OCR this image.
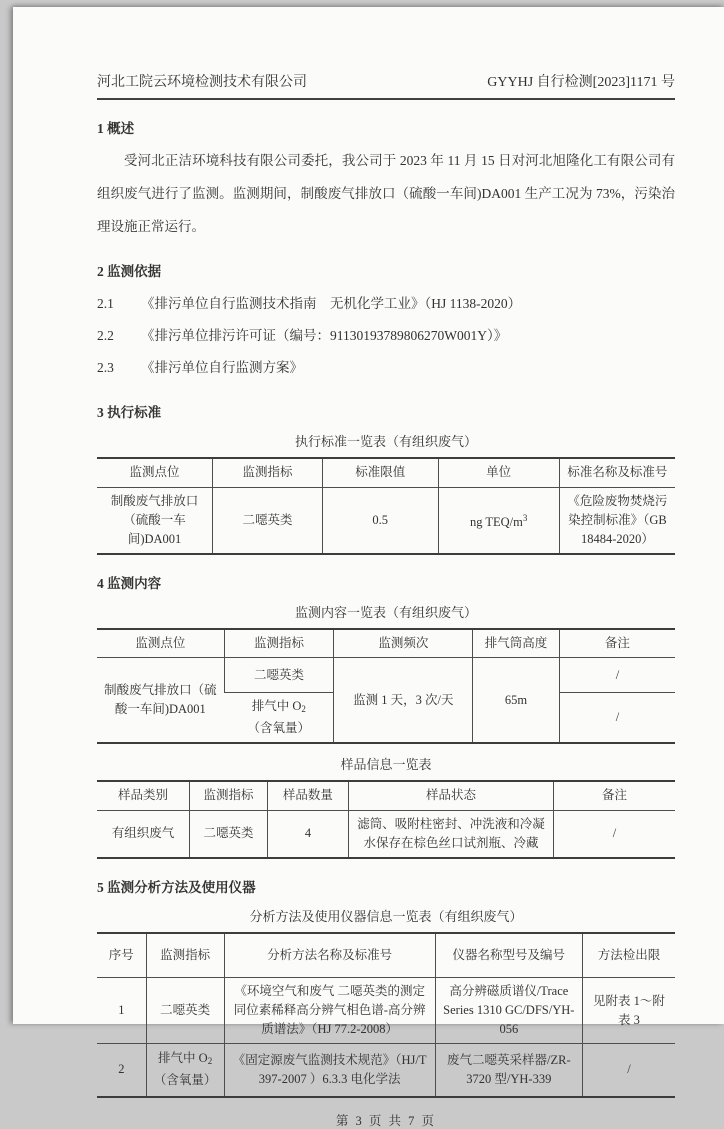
河北工院云环境检测技术有限公司	GYYHJ 自行检测[2023]1171 号
1 概述

受河北正洁环境科技有限公司委托，我公司于 2023 年 11 月 15 日对河北旭隆化工有限公司有组织废气进行了监测。监测期间，制酸废气排放口（硫酸一车间)DA001 生产工况为 73%，污染治理设施正常运行。

2 监测依据
2.1	《排污单位自行监测技术指南　无机化学工业》（HJ 1138-2020）
2.2	《排污单位排污许可证（编号：91130193789806270W001Y）》
2.3	《排污单位自行监测方案》
3 执行标准
执行标准一览表（有组织废气）
监测点位	监测指标	标准限值	单位	标准名称及标准号
制酸废气排放口（硫酸一车间)DA001	二噁英类	0.5	ng TEQ/$m^3$	《危险废物焚烧污染控制标准》（GB 18484-2020）
4 监测内容
监测内容一览表（有组织废气）
监测点位	监测指标	监测频次	排气筒高度	备注
制酸废气排放口（硫酸一车间)DA001	二噁英类	监测 1 天，3 次/天	65m	/
	排气中 $O_2$
（含氧量）			/
样品信息一览表
样品类别	监测指标	样品数量	样品状态	备注
有组织废气	二噁英类	4	滤筒、吸附柱密封、冲洗液和冷凝水保存在棕色丝口试剂瓶、冷藏	/
5 监测分析方法及使用仪器
分析方法及使用仪器信息一览表（有组织废气）
序号	监测指标	分析方法名称及标准号	仪器名称型号及编号	方法检出限
1	二噁英类	《环境空气和废气 二噁英类的测定 同位素稀释高分辨气相色谱-高分辨质谱法》（HJ 77.2-2008）	高分辨磁质谱仪/Trace Series 1310 GC/DFS/YH-056	见附表 1～附表 3
2	排气中 $O_2$
（含氧量）	《固定源废气监测技术规范》（HJ/T 397-2007 ）6.3.3 电化学法	废气二噁英采样器/ZR-3720 型/YH-339	/
第 3 页 共 7 页
